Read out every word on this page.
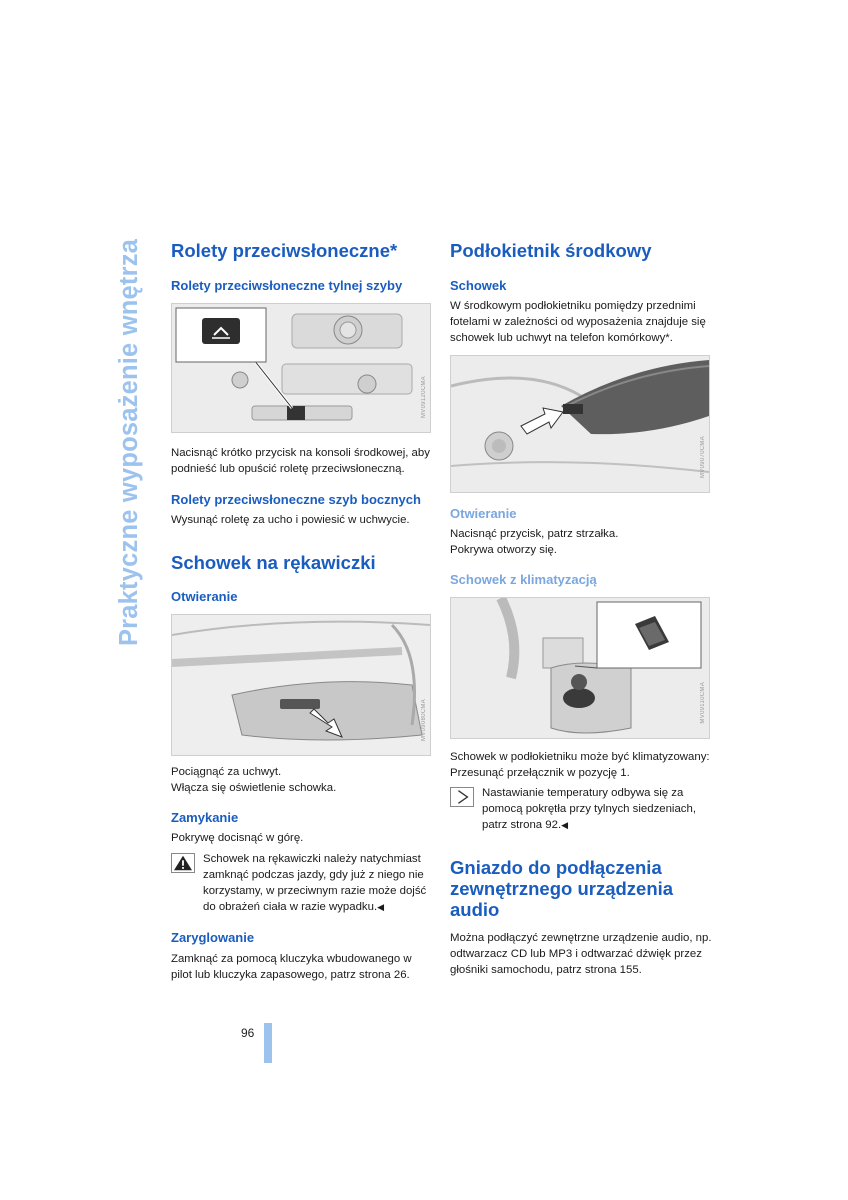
Praktyczne wyposażenie wnętrza Rolety przeciwsłoneczne*
Rolety przeciwsłoneczne tylnej szyby
MV09120CMA

Nacisnąć krótko przycisk na konsoli środkowej, aby podnieść lub opuścić roletę przeciwsłoneczną.

Rolety przeciwsłoneczne szyb bocznych

Wysunąć roletę za ucho i powiesić w uchwycie.

Schowek na rękawiczki
Otwieranie
MV09080CMA

Pociągnąć za uchwyt.

Włącza się oświetlenie schowka.

Zamykanie

Pokrywę docisnąć w górę.

Schowek na rękawiczki należy natychmiast zamknąć podczas jazdy, gdy już z niego nie korzystamy, w przeciwnym razie może dojść do obrażeń ciała w razie wypadku.◀

Zaryglowanie

Zamknąć za pomocą kluczyka wbudowanego w pilot lub kluczyka zapasowego, patrz strona 26.

Podłokietnik środkowy
Schowek

W środkowym podłokietniku pomiędzy przednimi fotelami w zależności od wyposażenia znajduje się schowek lub uchwyt na telefon komórkowy*.

MV09070CMA
Otwieranie

Nacisnąć przycisk, patrz strzałka.

Pokrywa otworzy się.

Schowek z klimatyzacją
MV09110CMA

Schowek w podłokietniku może być klimatyzowany: Przesunąć przełącznik w pozycję 1.

Nastawianie temperatury odbywa się za pomocą pokrętła przy tylnych siedzeniach, patrz strona 92.◀

Gniazdo do podłączenia zewnętrznego urządzenia audio

Można podłączyć zewnętrzne urządzenie audio, np. odtwarzacz CD lub MP3 i odtwarzać dźwięk przez głośniki samochodu, patrz strona 155.

96
